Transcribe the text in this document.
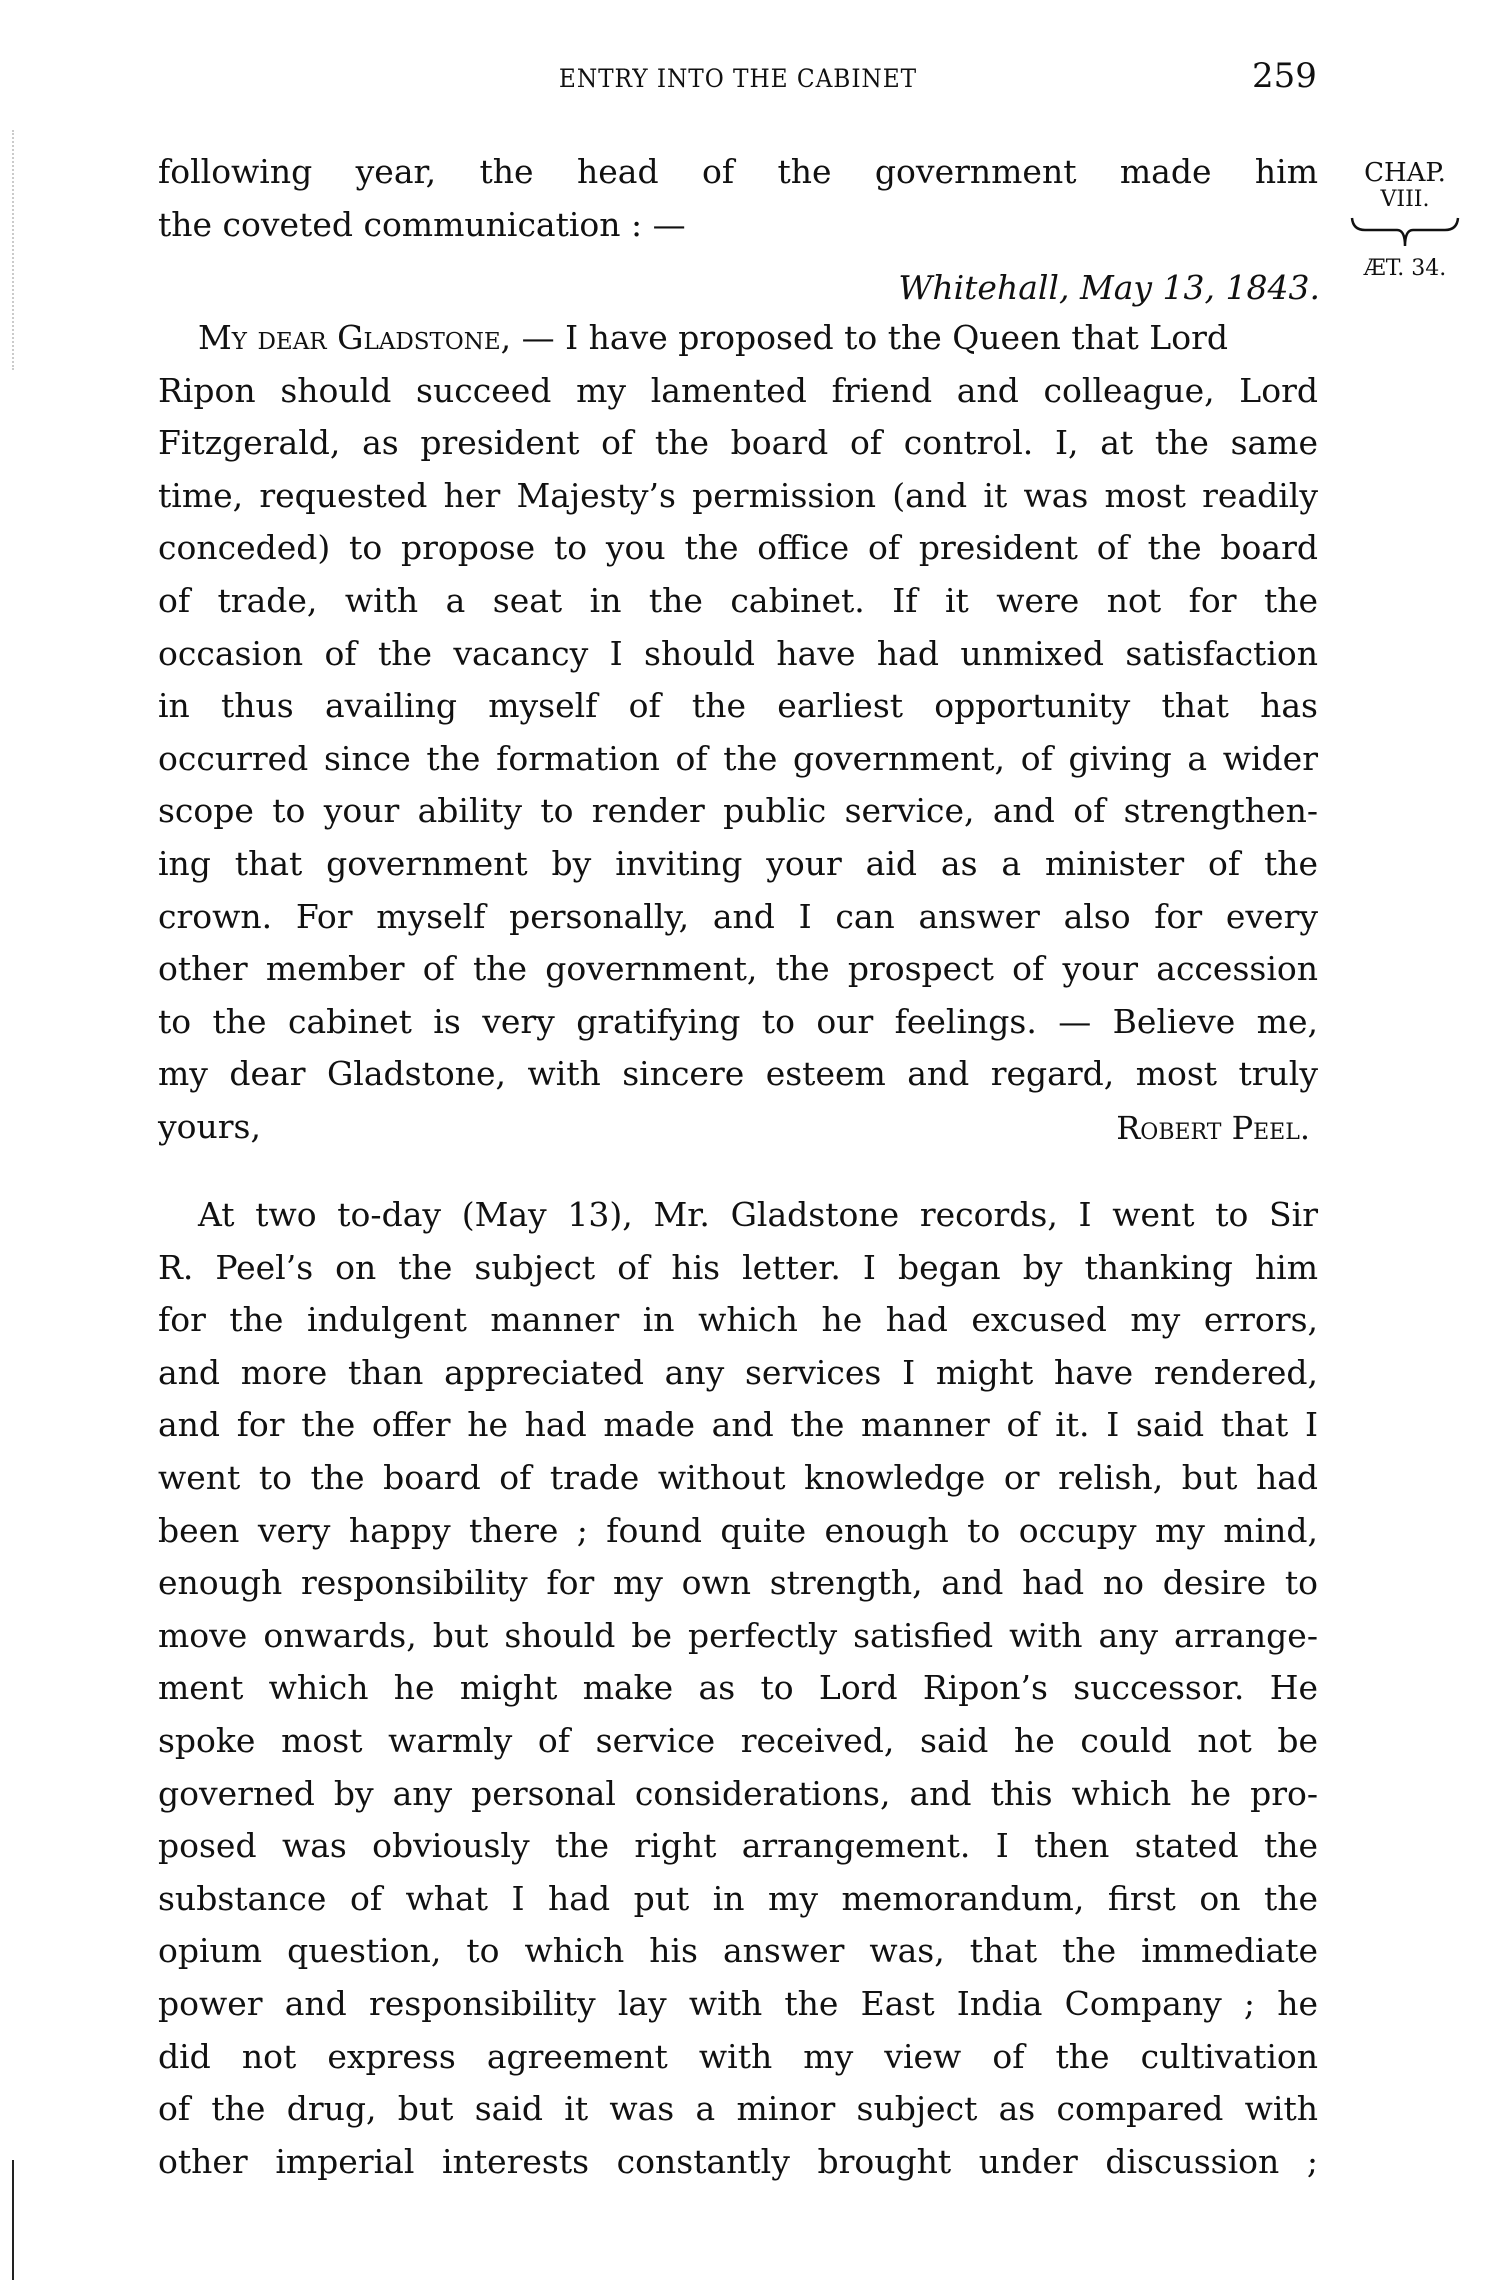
ENTRY INTO THE CABINET	259
CHAP.
VIII.
ÆT. 34.
following year, the head of the government made him
the coveted communication : —
Whitehall, May 13, 1843.
My dear Gladstone, — I have proposed to the Queen that Lord
Ripon should succeed my lamented friend and colleague, Lord
Fitzgerald, as president of the board of control. I, at the same
time, requested her Majesty’s permission (and it was most readily
conceded) to propose to you the office of president of the board
of trade, with a seat in the cabinet. If it were not for the
occasion of the vacancy I should have had unmixed satisfaction
in thus availing myself of the earliest opportunity that has
occurred since the formation of the government, of giving a wider
scope to your ability to render public service, and of strengthen-
ing that government by inviting your aid as a minister of the
crown. For myself personally, and I can answer also for every
other member of the government, the prospect of your accession
to the cabinet is very gratifying to our feelings. — Believe me,
my dear Gladstone, with sincere esteem and regard, most truly
yours,	Robert Peel.
At two to-day (May 13), Mr. Gladstone records, I went to Sir
R. Peel’s on the subject of his letter. I began by thanking him
for the indulgent manner in which he had excused my errors,
and more than appreciated any services I might have rendered,
and for the offer he had made and the manner of it. I said that I
went to the board of trade without knowledge or relish, but had
been very happy there ; found quite enough to occupy my mind,
enough responsibility for my own strength, and had no desire to
move onwards, but should be perfectly satisfied with any arrange-
ment which he might make as to Lord Ripon’s successor. He
spoke most warmly of service received, said he could not be
governed by any personal considerations, and this which he pro-
posed was obviously the right arrangement. I then stated the
substance of what I had put in my memorandum, first on the
opium question, to which his answer was, that the immediate
power and responsibility lay with the East India Company ; he
did not express agreement with my view of the cultivation
of the drug, but said it was a minor subject as compared with
other imperial interests constantly brought under discussion ;
